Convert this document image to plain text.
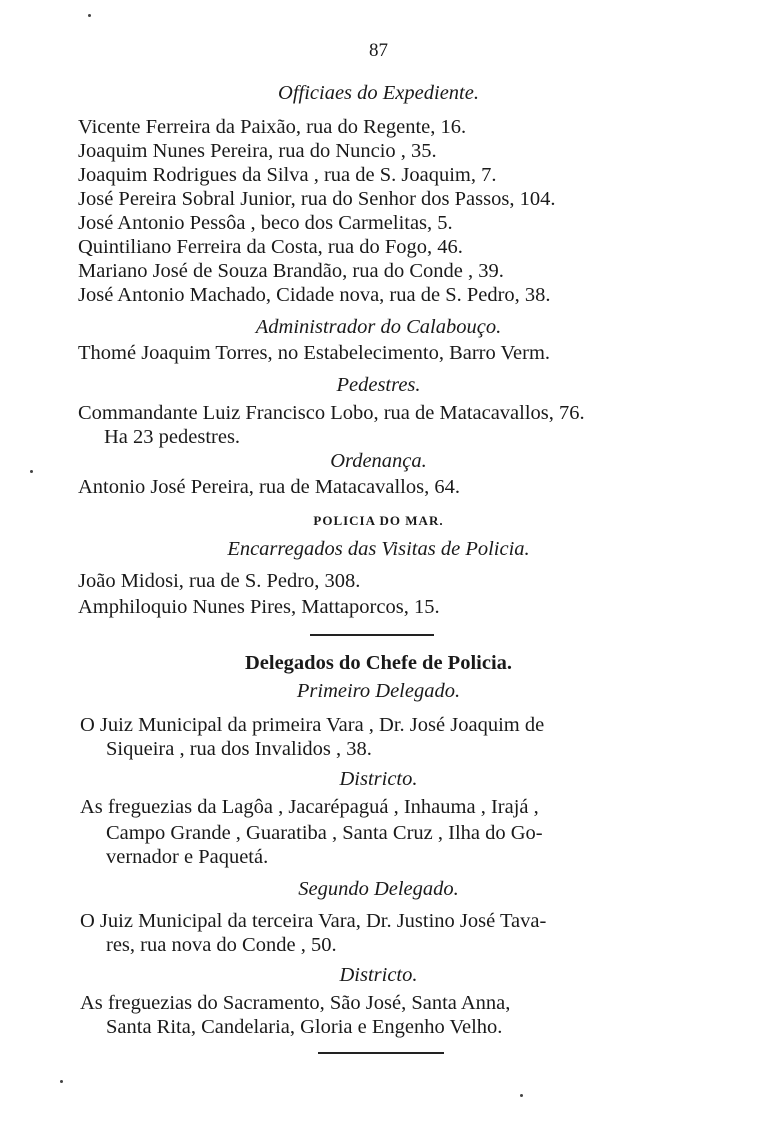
87
Officiaes do Expediente.
Vicente Ferreira da Paixão, rua do Regente, 16.
Joaquim Nunes Pereira, rua do Nuncio , 35.
Joaquim Rodrigues da Silva , rua de S. Joaquim, 7.
José Pereira Sobral Junior, rua do Senhor dos Passos, 104.
José Antonio Pessôa , beco dos Carmelitas, 5.
Quintiliano Ferreira da Costa, rua do Fogo, 46.
Mariano José de Souza Brandão, rua do Conde , 39.
José Antonio Machado, Cidade nova, rua de S. Pedro, 38.
Administrador do Calabouço.
Thomé Joaquim Torres, no Estabelecimento, Barro Verm.
Pedestres.
Commandante Luiz Francisco Lobo, rua de Matacavallos, 76.
Ha 23 pedestres.
Ordenança.
Antonio José Pereira, rua de Matacavallos, 64.
POLICIA DO MAR.
Encarregados das Visitas de Policia.
João Midosi, rua de S. Pedro, 308.
Amphiloquio Nunes Pires, Mattaporcos, 15.
Delegados do Chefe de Policia.
Primeiro Delegado.
O Juiz Municipal da primeira Vara , Dr. José Joaquim de
Siqueira , rua dos Invalidos , 38.
Districto.
As freguezias da Lagôa , Jacarépaguá , Inhauma , Irajá ,
Campo Grande , Guaratiba , Santa Cruz , Ilha do Go-
vernador e Paquetá.
Segundo Delegado.
O Juiz Municipal da terceira Vara, Dr. Justino José Tava-
res, rua nova do Conde , 50.
Districto.
As freguezias do Sacramento, São José, Santa Anna,
Santa Rita, Candelaria, Gloria e Engenho Velho.
